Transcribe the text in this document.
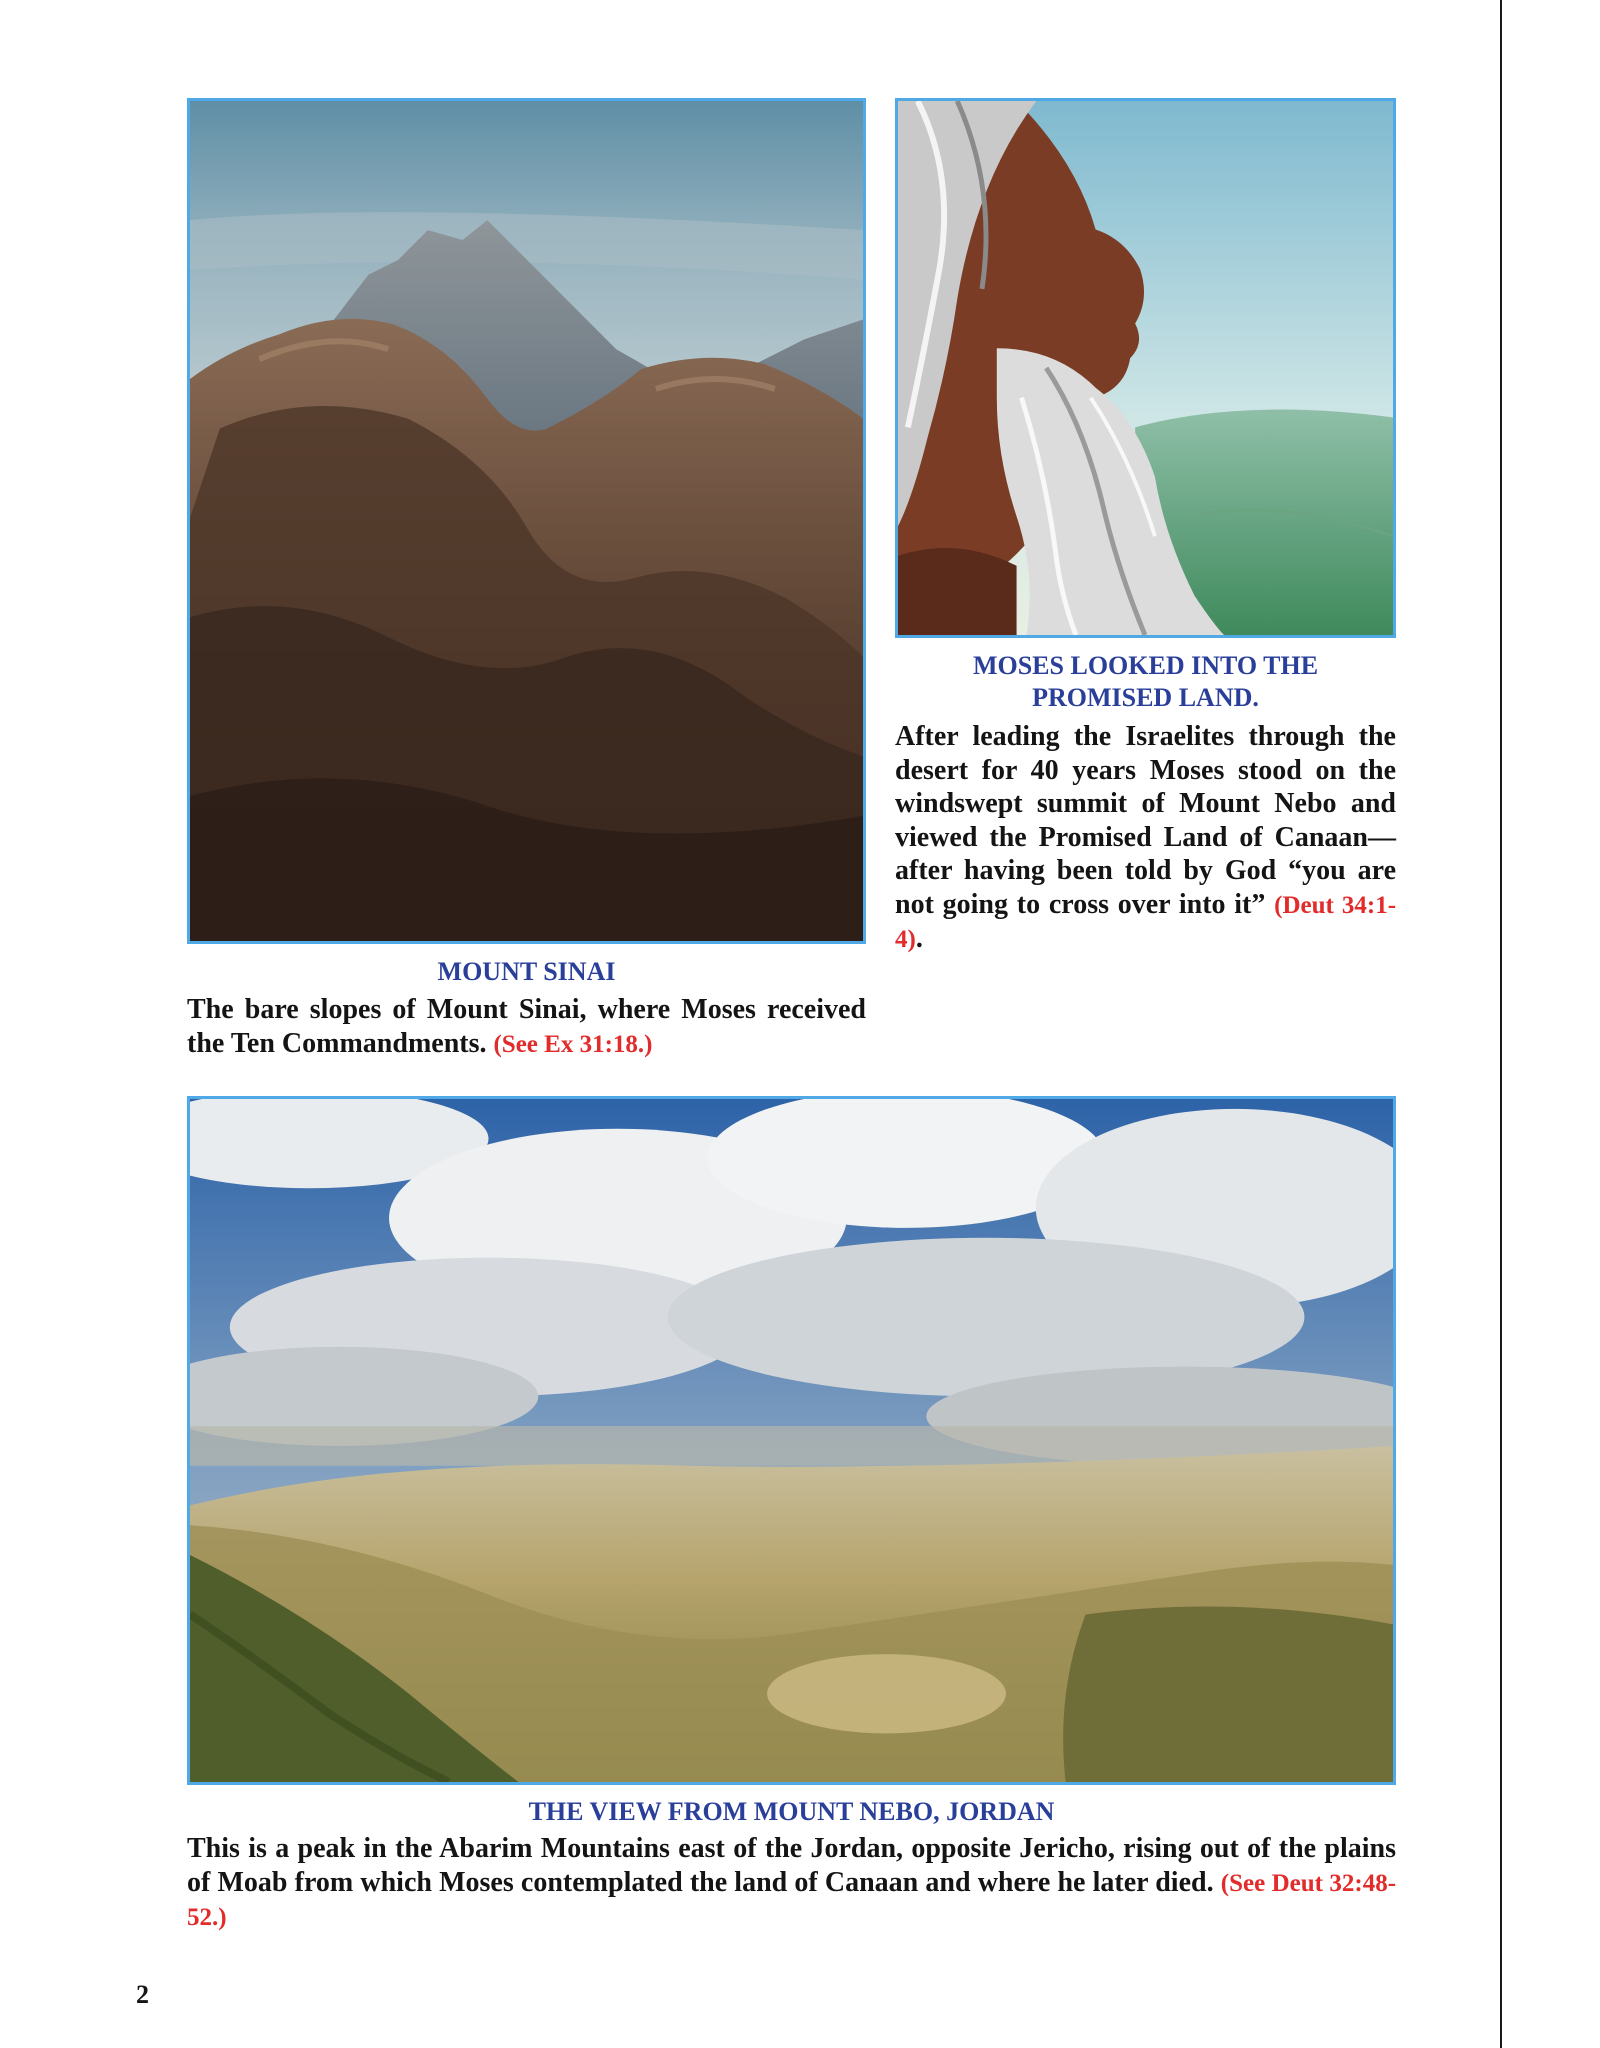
MOSES LOOKED INTO THE
PROMISED LAND.
After leading the Israelites through the desert for 40 years Moses stood on the windswept summit of Mount Nebo and viewed the Promised Land of Canaan—after having been told by God “you are not going to cross over into it” (Deut 34:1-4).
MOUNT SINAI
The bare slopes of Mount Sinai, where Moses received the Ten Commandments. (See Ex 31:18.)
THE VIEW FROM MOUNT NEBO, JORDAN
This is a peak in the Abarim Mountains east of the Jordan, opposite Jericho, rising out of the plains of Moab from which Moses contemplated the land of Canaan and where he later died. (See Deut 32:48-52.)
2
